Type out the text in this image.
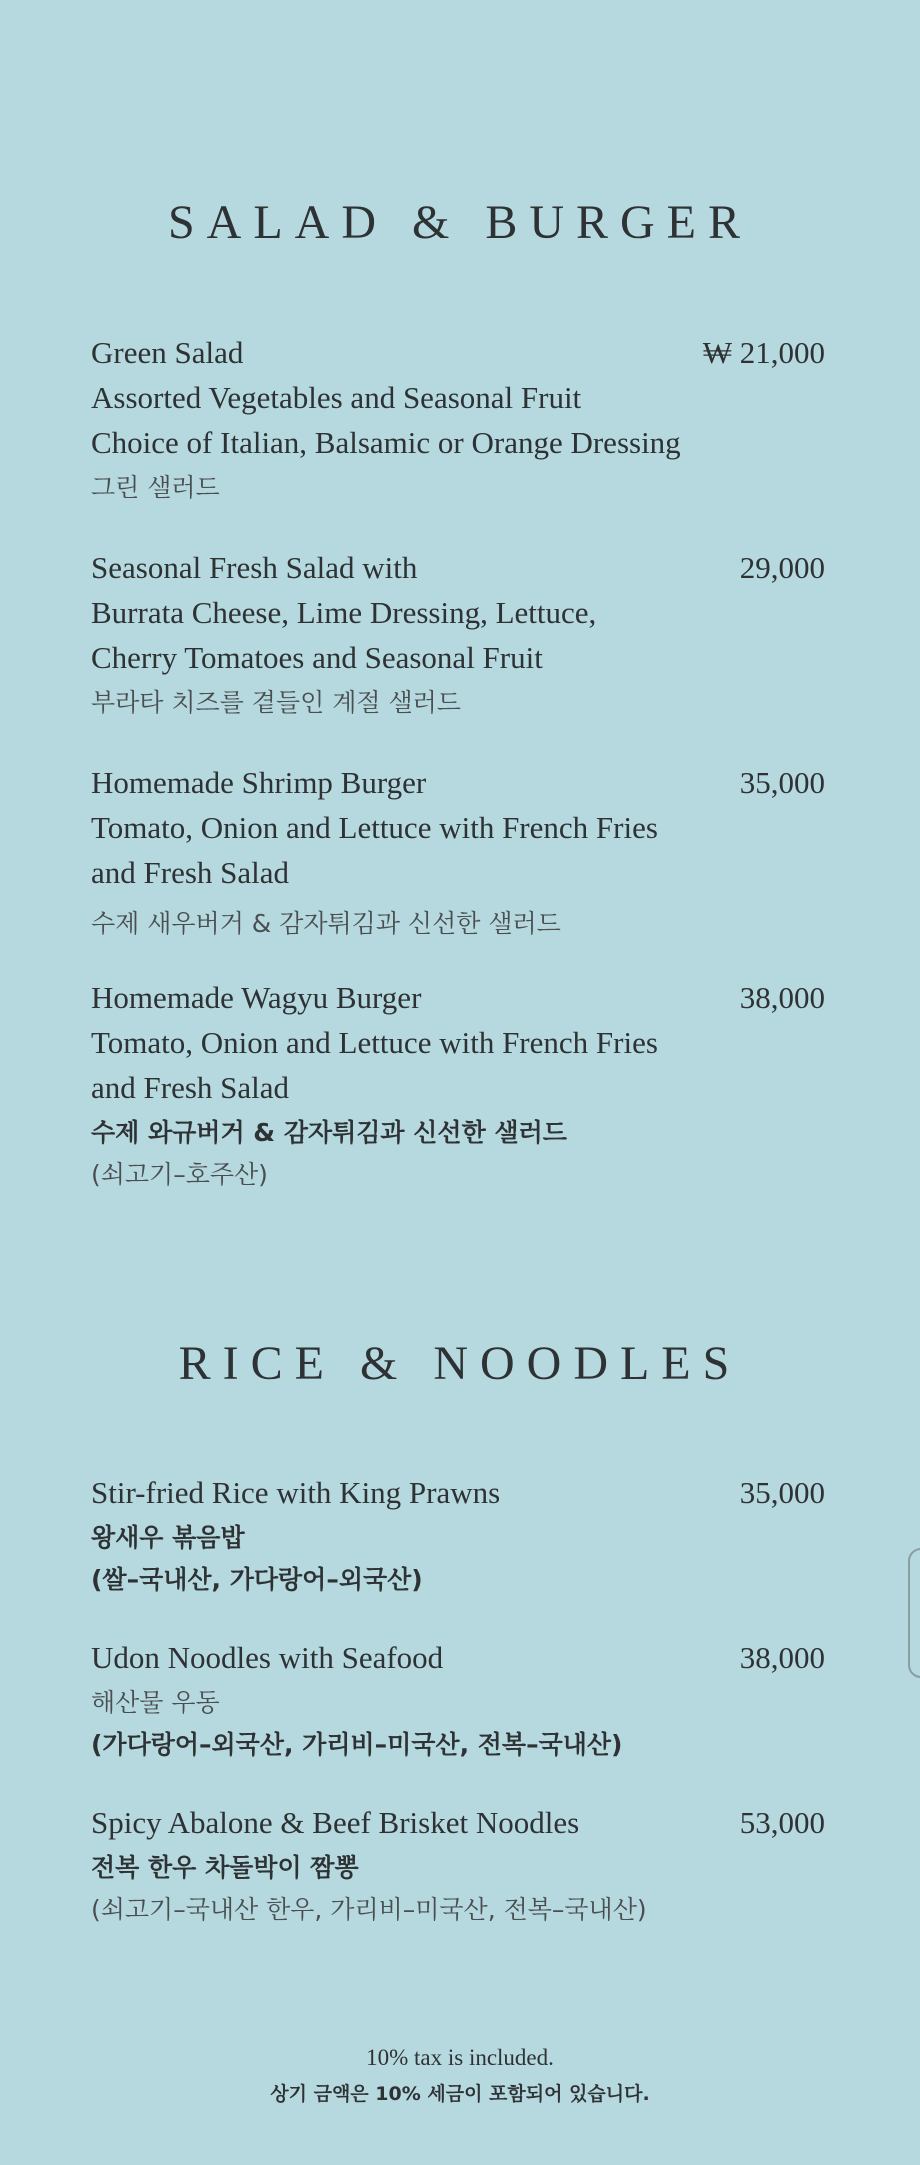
SALAD & BURGER
Green Salad
Assorted Vegetables and Seasonal Fruit
Choice of Italian, Balsamic or Orange Dressing
그린 샐러드
₩ 21,000
Seasonal Fresh Salad with
Burrata Cheese, Lime Dressing, Lettuce,
Cherry Tomatoes and Seasonal Fruit
부라타 치즈를 곁들인 계절 샐러드
29,000
Homemade Shrimp Burger
Tomato, Onion and Lettuce with French Fries
and Fresh Salad
수제 새우버거 & 감자튀김과 신선한 샐러드
35,000
Homemade Wagyu Burger
Tomato, Onion and Lettuce with French Fries
and Fresh Salad
수제 와규버거 & 감자튀김과 신선한 샐러드
(쇠고기–호주산)
38,000
RICE & NOODLES
Stir-fried Rice with King Prawns
왕새우 볶음밥
(쌀–국내산, 가다랑어–외국산)
35,000
Udon Noodles with Seafood
해산물 우동
(가다랑어–외국산, 가리비–미국산, 전복–국내산)
38,000
Spicy Abalone & Beef Brisket Noodles
전복 한우 차돌박이 짬뽕
(쇠고기–국내산 한우, 가리비–미국산, 전복–국내산)
53,000
10% tax is included.
상기 금액은 10% 세금이 포함되어 있습니다.
